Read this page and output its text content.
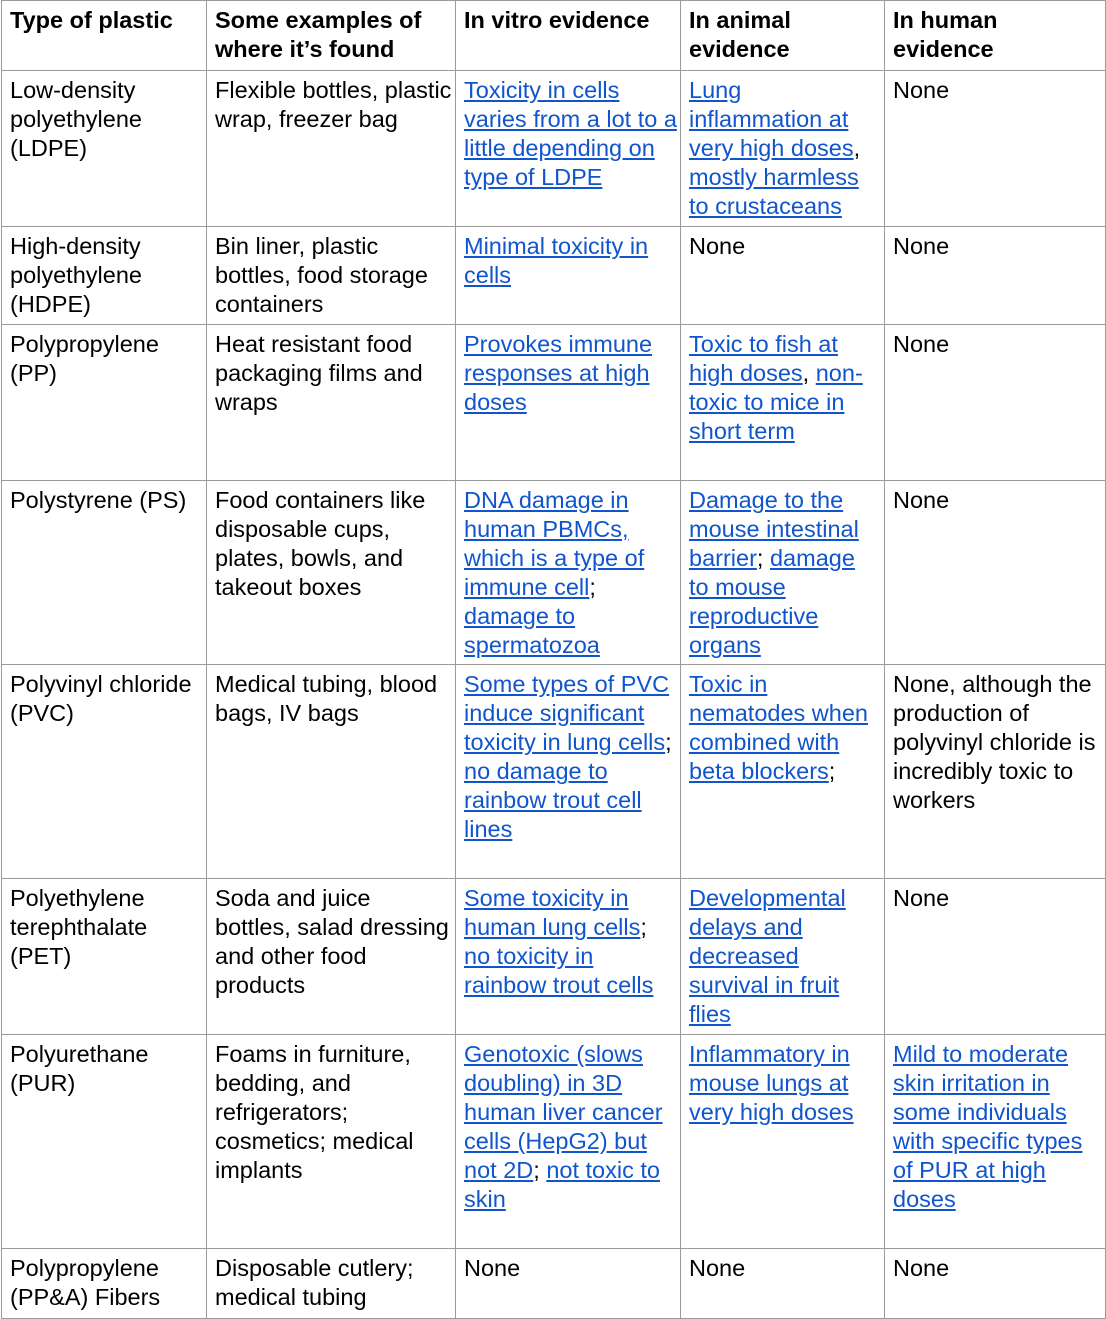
Type of plastic	Some examples of where it’s found	In vitro evidence	In animal evidence	In human evidence
Low-density polyethylene (LDPE)	Flexible bottles, plastic wrap, freezer bag	Toxicity in cells varies from a lot to a little depending on type of LDPE	Lung inflammation at very high doses, mostly harmless to crustaceans	None
High-density polyethylene (HDPE)	Bin liner, plastic bottles, food storage containers	Minimal toxicity in cells	None	None
Polypropylene (PP)	Heat resistant food packaging films and wraps	Provokes immune responses at high doses	Toxic to fish at high doses, non-toxic to mice in short term	None
Polystyrene (PS)	Food containers like disposable cups, plates, bowls, and takeout boxes	DNA damage in human PBMCs, which is a type of immune cell; damage to spermatozoa	Damage to the mouse intestinal barrier; damage to mouse reproductive organs	None
Polyvinyl chloride (PVC)	Medical tubing, blood bags, IV bags	Some types of PVC induce significant toxicity in lung cells; no damage to rainbow trout cell lines	Toxic in nematodes when combined with beta blockers;	None, although the production of polyvinyl chloride is incredibly toxic to workers
Polyethylene terephthalate (PET)	Soda and juice bottles, salad dressing and other food products	Some toxicity in human lung cells; no toxicity in rainbow trout cells	Developmental delays and decreased survival in fruit flies	None
Polyurethane (PUR)	Foams in furniture, bedding, and refrigerators; cosmetics; medical implants	Genotoxic (slows doubling) in 3D human liver cancer cells (HepG2) but not 2D; not toxic to skin	Inflammatory in mouse lungs at very high doses	Mild to moderate skin irritation in some individuals with specific types of PUR at high doses
Polypropylene (PP&A) Fibers	Disposable cutlery; medical tubing	None	None	None
